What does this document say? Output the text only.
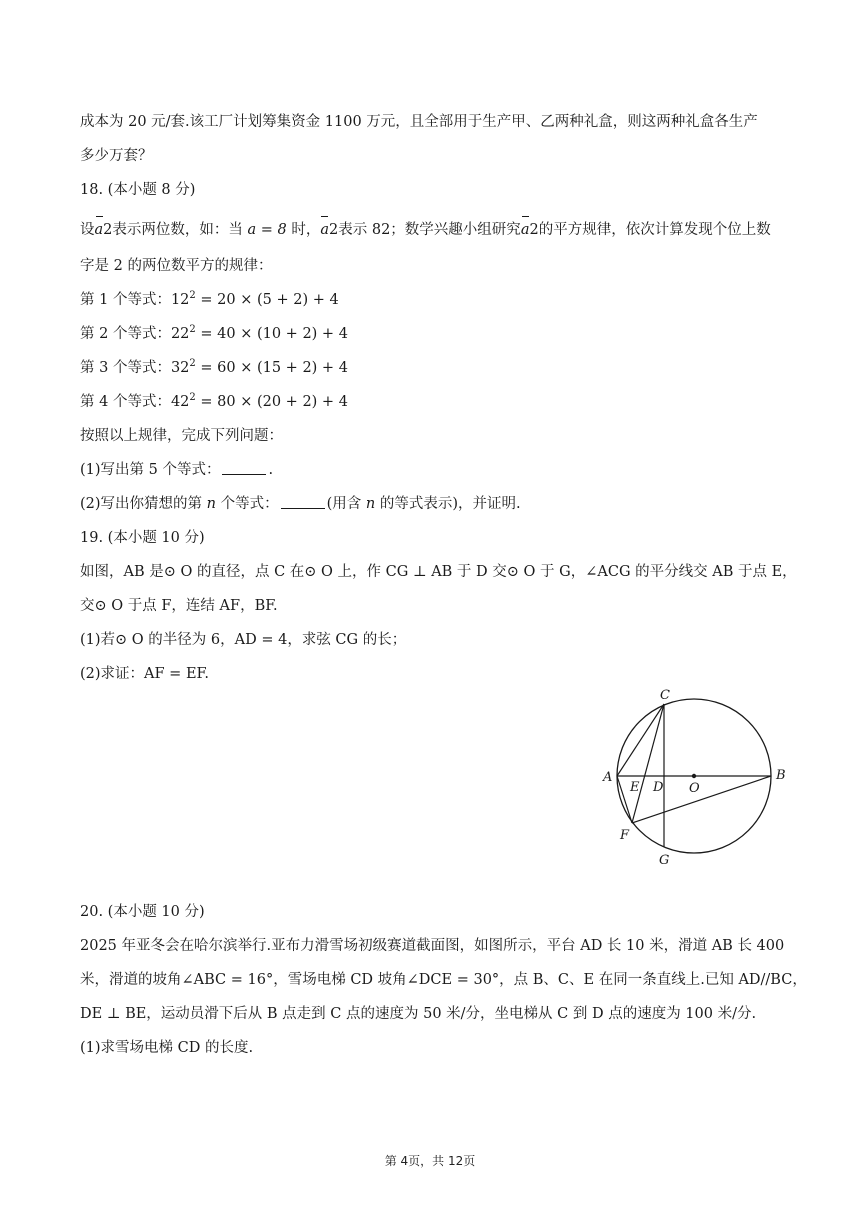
成本为 20 元/套.该工厂计划筹集资金 1100 万元，且全部用于生产甲、乙两种礼盒，则这两种礼盒各生产
多少万套？
18. (本小题 8 分)
设a2表示两位数，如：当 a = 8 时，a2表示 82；数学兴趣小组研究a2的平方规律，依次计算发现个位上数
字是 2 的两位数平方的规律：
第 1 个等式：$12^2 = 20 \times (5 + 2) + 4$
第 2 个等式：$22^2 = 40 \times (10 + 2) + 4$
第 3 个等式：$32^2 = 60 \times (15 + 2) + 4$
第 4 个等式：$42^2 = 80 \times (20 + 2) + 4$
按照以上规律，完成下列问题：
(1)写出第 5 个等式：	.
(2)写出你猜想的第 n 个等式：	(用含 n 的等式表示)，并证明.
19. (本小题 10 分)
如图，AB 是⊙ O 的直径，点 C 在⊙ O 上，作 CG ⊥ AB 于 D 交⊙ O 于 G，∠ACG 的平分线交 AB 于点 E，
交⊙ O 于点 F，连结 AF，BF.
(1)若⊙ O 的半径为 6，AD = 4，求弦 CG 的长；
(2)求证：AF = EF.
C
A	B
E D O
F
G
20. (本小题 10 分)
2025 年亚冬会在哈尔滨举行.亚布力滑雪场初级赛道截面图，如图所示，平台 AD 长 10 米，滑道 AB 长 400
米，滑道的坡角∠ABC = 16°，雪场电梯 CD 坡角∠DCE = 30°，点 B、C、E 在同一条直线上.已知 AD//BC，
DE ⊥ BE，运动员滑下后从 B 点走到 C 点的速度为 50 米/分，坐电梯从 C 到 D 点的速度为 100 米/分.
(1)求雪场电梯 CD 的长度.
第 4页，共 12页
